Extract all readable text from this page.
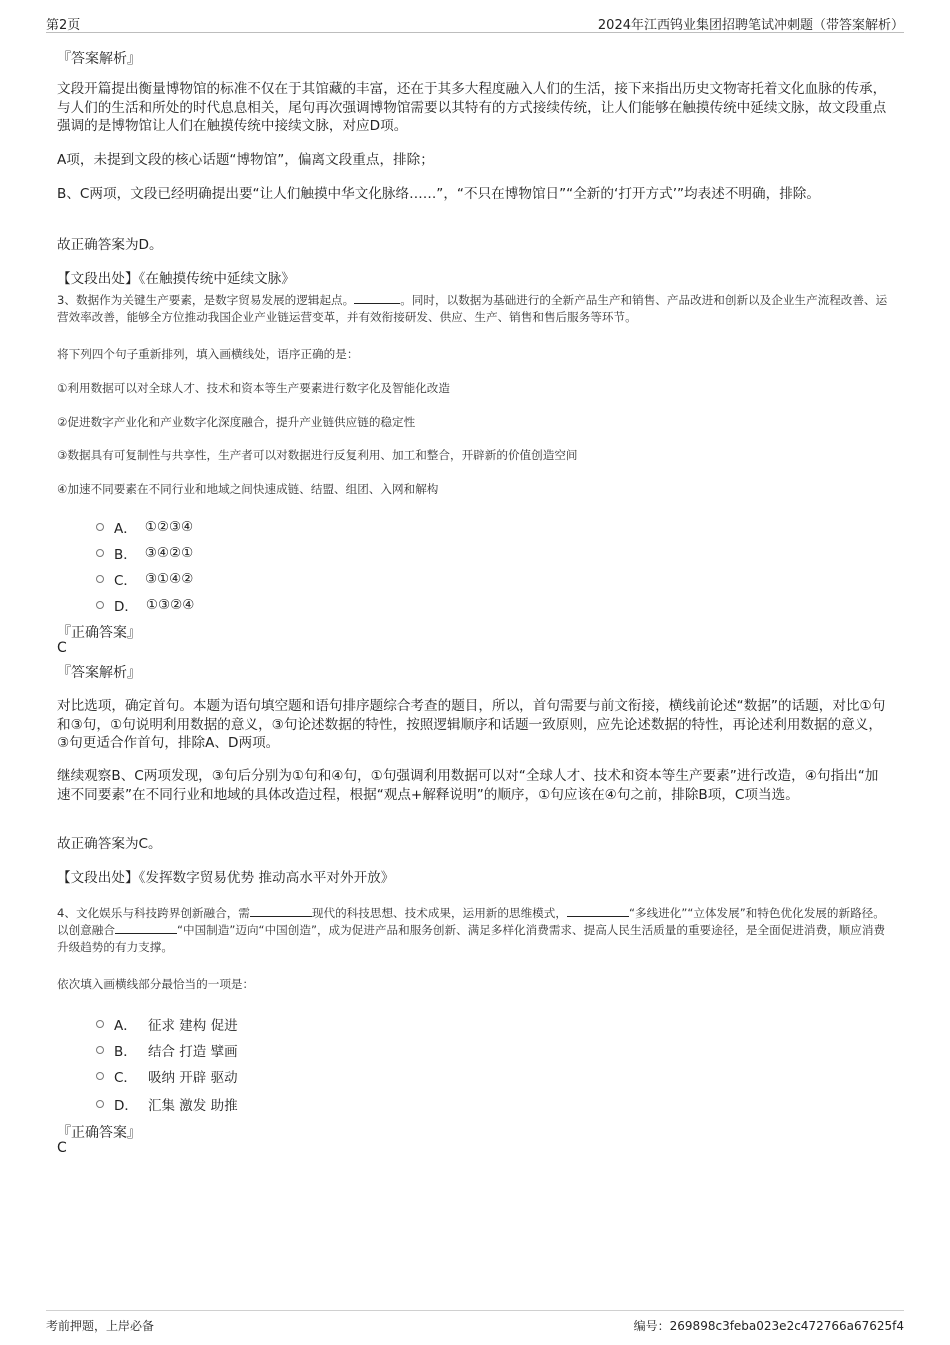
第2页	2024年江西钨业集团招聘笔试冲刺题（带答案解析）
『答案解析』
文段开篇提出衡量博物馆的标准不仅在于其馆藏的丰富，还在于其多大程度融入人们的生活，接下来指出历史文物寄托着文化血脉的传承，与人们的生活和所处的时代息息相关，尾句再次强调博物馆需要以其特有的方式接续传统，让人们能够在触摸传统中延续文脉，故文段重点强调的是博物馆让人们在触摸传统中接续文脉，对应D项。
A项，未提到文段的核心话题“博物馆”，偏离文段重点，排除；
B、C两项，文段已经明确提出要“让人们触摸中华文化脉络……”，“不只在博物馆日”“全新的‘打开方式’”均表述不明确，排除。
故正确答案为D。
【文段出处】《在触摸传统中延续文脉》
3、数据作为关键生产要素，是数字贸易发展的逻辑起点。	。同时，以数据为基础进行的全新产品生产和销售、产品改进和创新以及企业生产流程改善、运营效率改善，能够全方位推动我国企业产业链运营变革，并有效衔接研发、供应、生产、销售和售后服务等环节。
将下列四个句子重新排列，填入画横线处，语序正确的是：
①利用数据可以对全球人才、技术和资本等生产要素进行数字化及智能化改造
②促进数字产业化和产业数字化深度融合，提升产业链供应链的稳定性
③数据具有可复制性与共享性，生产者可以对数据进行反复利用、加工和整合，开辟新的价值创造空间
④加速不同要素在不同行业和地域之间快速成链、结盟、组团、入网和解构
A． ①②③④
B． ③④②①
C． ③①④②
D． ①③②④
『正确答案』
C
『答案解析』
对比选项，确定首句。本题为语句填空题和语句排序题综合考查的题目，所以，首句需要与前文衔接，横线前论述“数据”的话题，对比①句和③句，①句说明利用数据的意义，③句论述数据的特性，按照逻辑顺序和话题一致原则，应先论述数据的特性，再论述利用数据的意义，③句更适合作首句，排除A、D两项。
继续观察B、C两项发现，③句后分别为①句和④句，①句强调利用数据可以对“全球人才、技术和资本等生产要素”进行改造，④句指出“加速不同要素”在不同行业和地域的具体改造过程，根据“观点+解释说明”的顺序，①句应该在④句之前，排除B项，C项当选。
故正确答案为C。
【文段出处】《发挥数字贸易优势 推动高水平对外开放》
4、文化娱乐与科技跨界创新融合，需	现代的科技思想、技术成果，运用新的思维模式，	“多线进化”“立体发展”和特色优化发展的新路径。以创意融合	“中国制造”迈向“中国创造”，成为促进产品和服务创新、满足多样化消费需求、提高人民生活质量的重要途径，是全面促进消费，顺应消费升级趋势的有力支撑。
依次填入画横线部分最恰当的一项是：
A． 征求 建构 促进
B． 结合 打造 擘画
C． 吸纳 开辟 驱动
D． 汇集 激发 助推
『正确答案』
C
考前押题，上岸必备	编号：269898c3feba023e2c472766a67625f4
